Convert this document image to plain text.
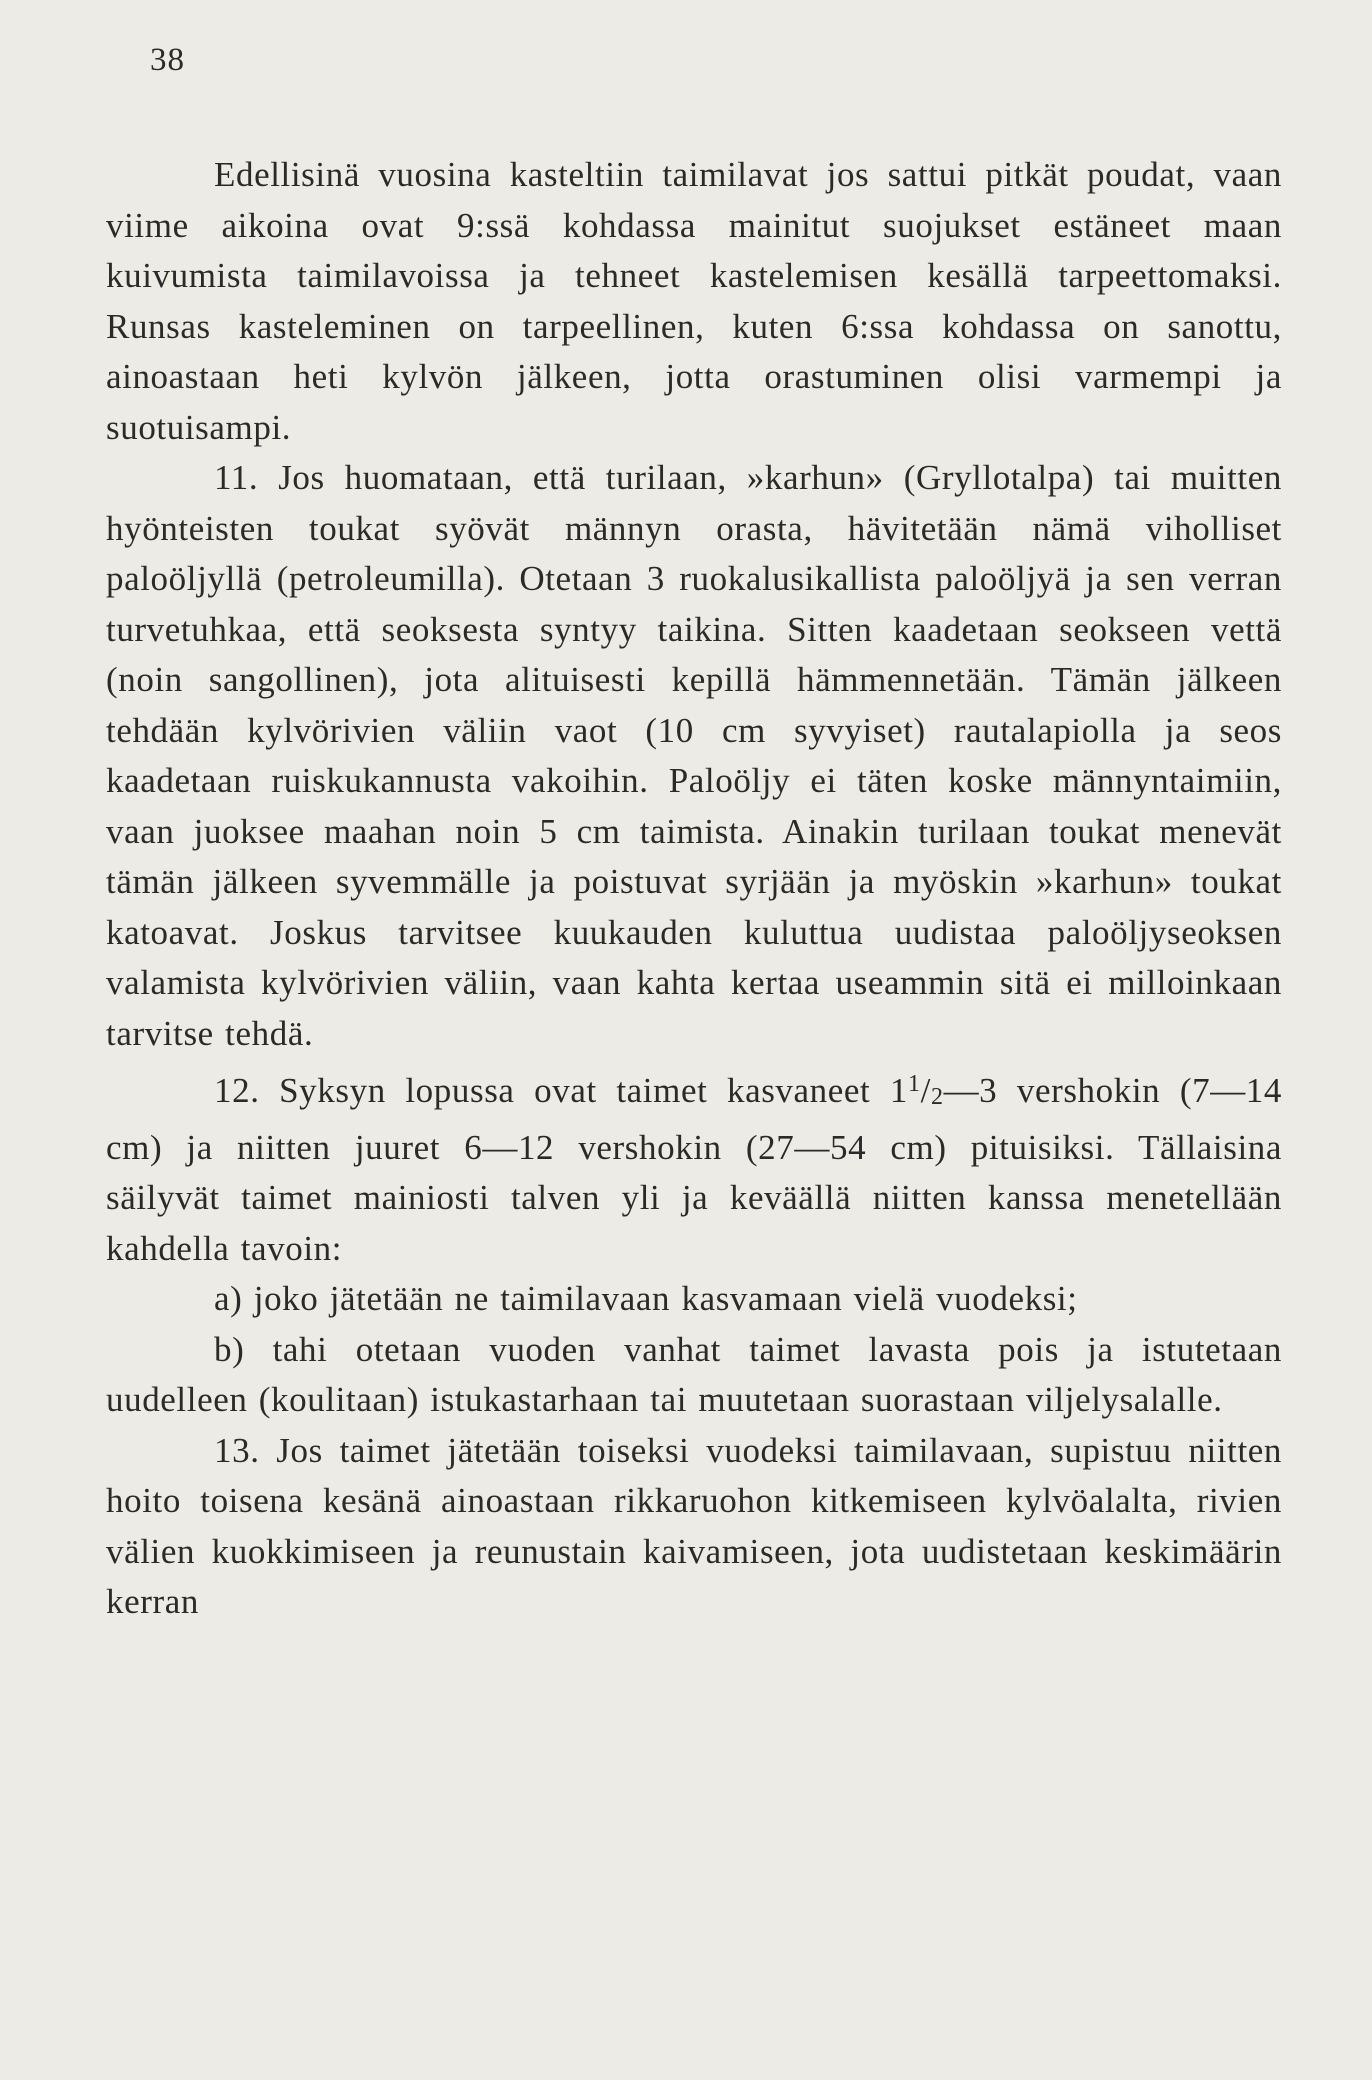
38

Edellisinä vuosina kasteltiin taimilavat jos sattui pitkät poudat, vaan viime aikoina ovat 9:ssä kohdassa mainitut suojukset estäneet maan kuivumista taimilavoissa ja tehneet kastelemisen kesällä tarpeettomaksi. Runsas kasteleminen on tarpeellinen, kuten 6:ssa kohdassa on sanottu, ainoastaan heti kylvön jälkeen, jotta orastuminen olisi varmempi ja suotuisampi.

11. Jos huomataan, että turilaan, »karhun» (Gryllotalpa) tai muitten hyönteisten toukat syövät männyn orasta, hävitetään nämä viholliset paloöljyllä (petroleumilla). Otetaan 3 ruokalusikallista paloöljyä ja sen verran turvetuhkaa, että seoksesta syntyy taikina. Sitten kaadetaan seokseen vettä (noin sangollinen), jota alituisesti kepillä hämmennetään. Tämän jälkeen tehdään kylvörivien väliin vaot (10 cm syvyiset) rautalapiolla ja seos kaadetaan ruiskukannusta vakoihin. Paloöljy ei täten koske männyntaimiin, vaan juoksee maahan noin 5 cm taimista. Ainakin turilaan toukat menevät tämän jälkeen syvemmälle ja poistuvat syrjään ja myöskin »karhun» toukat katoavat. Joskus tarvitsee kuukauden kuluttua uudistaa paloöljyseoksen valamista kylvörivien väliin, vaan kahta kertaa useammin sitä ei milloinkaan tarvitse tehdä.

12. Syksyn lopussa ovat taimet kasvaneet $1^1/2—3$ vershokin (7—14 cm) ja niitten juuret 6—12 vershokin (27—54 cm) pituisiksi. Tällaisina säilyvät taimet mainiosti talven yli ja keväällä niitten kanssa menetellään kahdella tavoin:

a) joko jätetään ne taimilavaan kasvamaan vielä vuodeksi;

b) tahi otetaan vuoden vanhat taimet lavasta pois ja istutetaan uudelleen (koulitaan) istukastarhaan tai muutetaan suorastaan viljelysalalle.

13. Jos taimet jätetään toiseksi vuodeksi taimilavaan, supistuu niitten hoito toisena kesänä ainoastaan rikkaruohon kitkemiseen kylvöalalta, rivien välien kuokkimiseen ja reunustain kaivamiseen, jota uudistetaan keskimäärin kerran
